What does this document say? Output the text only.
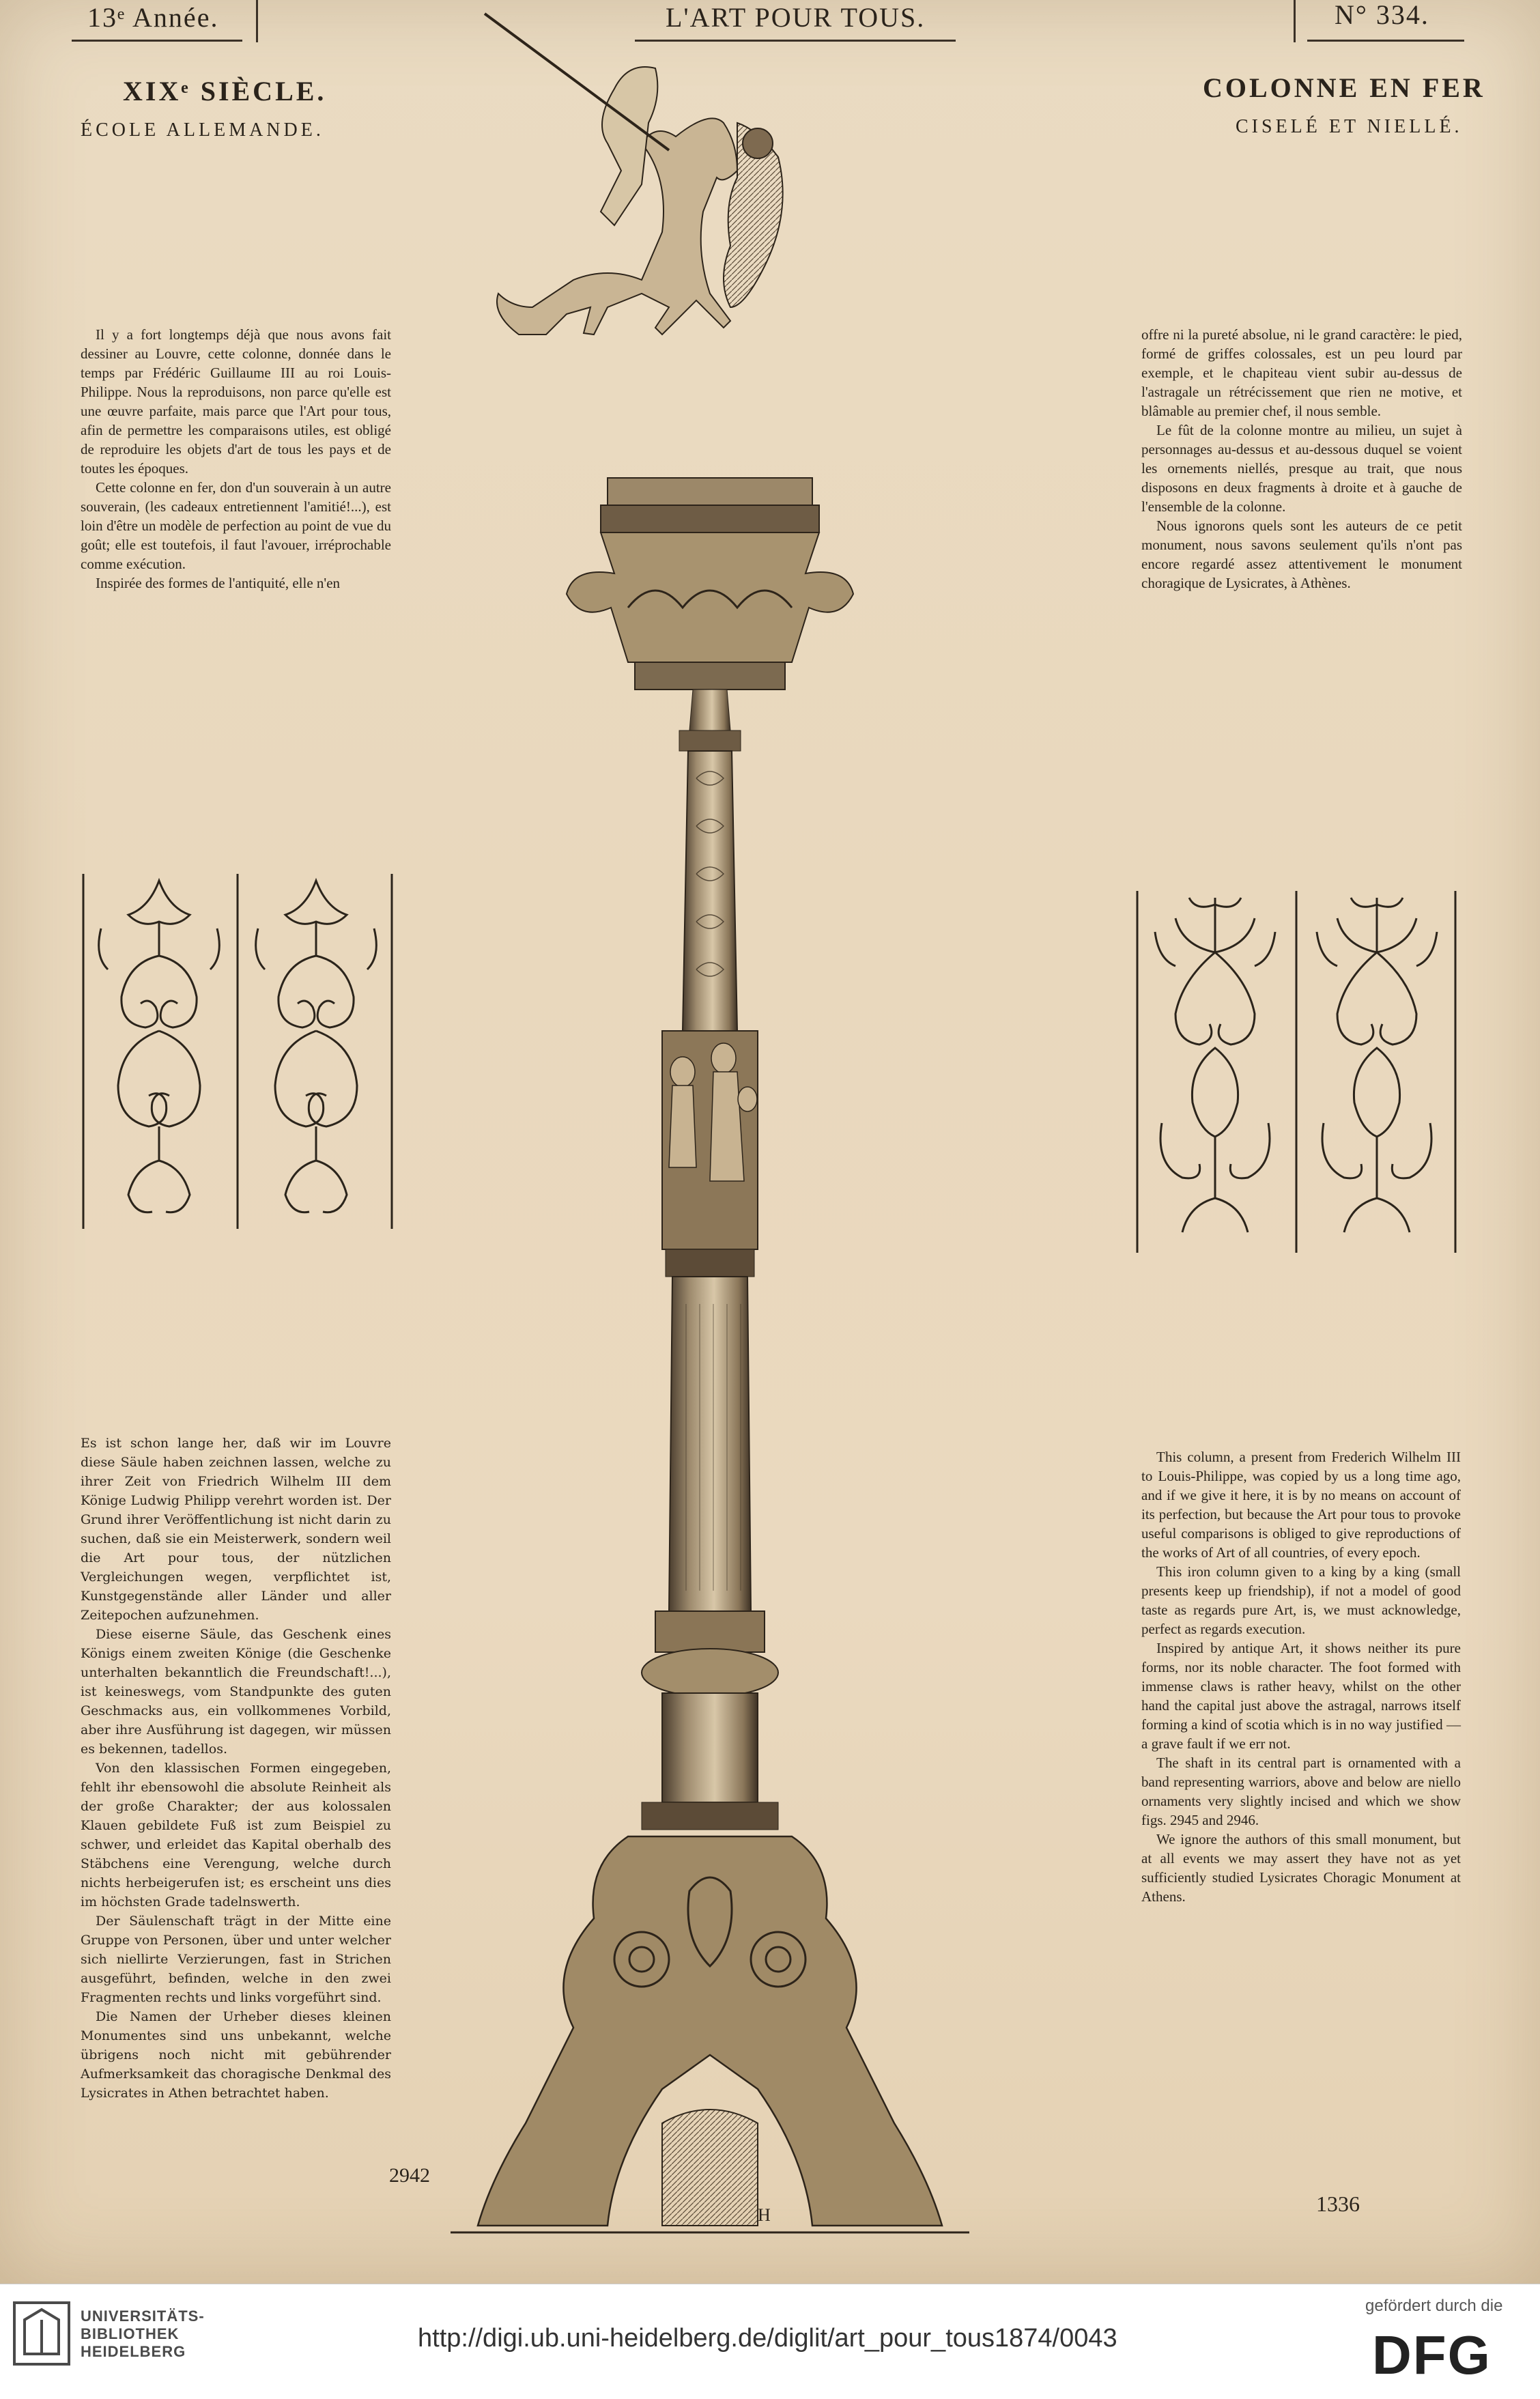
13ᵉ Année.	L'ART POUR TOUS.	N° 334.
XIXᵉ SIÈCLE.
ÉCOLE ALLEMANDE.
COLONNE EN FER
CISELÉ ET NIELLÉ.

Il y a fort longtemps déjà que nous avons fait dessiner au Louvre, cette colonne, donnée dans le temps par Frédéric Guillaume III au roi Louis-Philippe. Nous la reproduisons, non parce qu'elle est une œuvre parfaite, mais parce que l'Art pour tous, afin de permettre les comparaisons utiles, est obligé de reproduire les objets d'art de tous les pays et de toutes les époques.

Cette colonne en fer, don d'un souverain à un autre souverain, (les cadeaux entretiennent l'amitié!...), est loin d'être un modèle de perfection au point de vue du goût; elle est toutefois, il faut l'avouer, irréprochable comme exécution.

Inspirée des formes de l'antiquité, elle n'en

offre ni la pureté absolue, ni le grand caractère: le pied, formé de griffes colossales, est un peu lourd par exemple, et le chapiteau vient subir au-dessus de l'astragale un rétrécissement que rien ne motive, et blâmable au premier chef, il nous semble.

Le fût de la colonne montre au milieu, un sujet à personnages au-dessus et au-dessous duquel se voient les ornements niellés, presque au trait, que nous disposons en deux fragments à droite et à gauche de l'ensemble de la colonne.

Nous ignorons quels sont les auteurs de ce petit monument, nous savons seulement qu'ils n'ont pas encore regardé assez attentivement le monument choragique de Lysicrates, à Athènes.

H

Es ist schon lange her, daß wir im Louvre diese Säule haben zeichnen lassen, welche zu ihrer Zeit von Friedrich Wilhelm III dem Könige Ludwig Philipp verehrt worden ist. Der Grund ihrer Veröffentlichung ist nicht darin zu suchen, daß sie ein Meisterwerk, sondern weil die Art pour tous, der nützlichen Vergleichungen wegen, verpflichtet ist, Kunstgegenstände aller Länder und aller Zeitepochen aufzunehmen.

Diese eiserne Säule, das Geschenk eines Königs einem zweiten Könige (die Geschenke unterhalten bekanntlich die Freundschaft!...), ist keineswegs, vom Standpunkte des guten Geschmacks aus, ein vollkommenes Vorbild, aber ihre Ausführung ist dagegen, wir müssen es bekennen, tadellos.

Von den klassischen Formen eingegeben, fehlt ihr ebensowohl die absolute Reinheit als der große Charakter; der aus kolossalen Klauen gebildete Fuß ist zum Beispiel zu schwer, und erleidet das Kapital oberhalb des Stäbchens eine Verengung, welche durch nichts herbeigerufen ist; es erscheint uns dies im höchsten Grade tadelnswerth.

Der Säulenschaft trägt in der Mitte eine Gruppe von Personen, über und unter welcher sich niellirte Verzierungen, fast in Strichen ausgeführt, befinden, welche in den zwei Fragmenten rechts und links vorgeführt sind.

Die Namen der Urheber dieses kleinen Monumentes sind uns unbekannt, welche übrigens noch nicht mit gebührender Aufmerksamkeit das choragische Denkmal des Lysicrates in Athen betrachtet haben.

This column, a present from Frederich Wilhelm III to Louis-Philippe, was copied by us a long time ago, and if we give it here, it is by no means on account of its perfection, but because the Art pour tous to provoke useful comparisons is obliged to give reproductions of the works of Art of all countries, of every epoch.

This iron column given to a king by a king (small presents keep up friendship), if not a model of good taste as regards pure Art, is, we must acknowledge, perfect as regards execution.

Inspired by antique Art, it shows neither its pure forms, nor its noble character. The foot formed with immense claws is rather heavy, whilst on the other hand the capital just above the astragal, narrows itself forming a kind of scotia which is in no way justified — a grave fault if we err not.

The shaft in its central part is ornamented with a band representing warriors, above and below are niello ornaments very slightly incised and which we show figs. 2945 and 2946.

We ignore the authors of this small monument, but at all events we may assert they have not as yet sufficiently studied Lysicrates Choragic Monument at Athens.

2942
1336
UNIVERSITÄTS-
BIBLIOTHEK
HEIDELBERG	http://digi.ub.uni-heidelberg.de/diglit/art_pour_tous1874/0043
gefördert durch die
DFG
